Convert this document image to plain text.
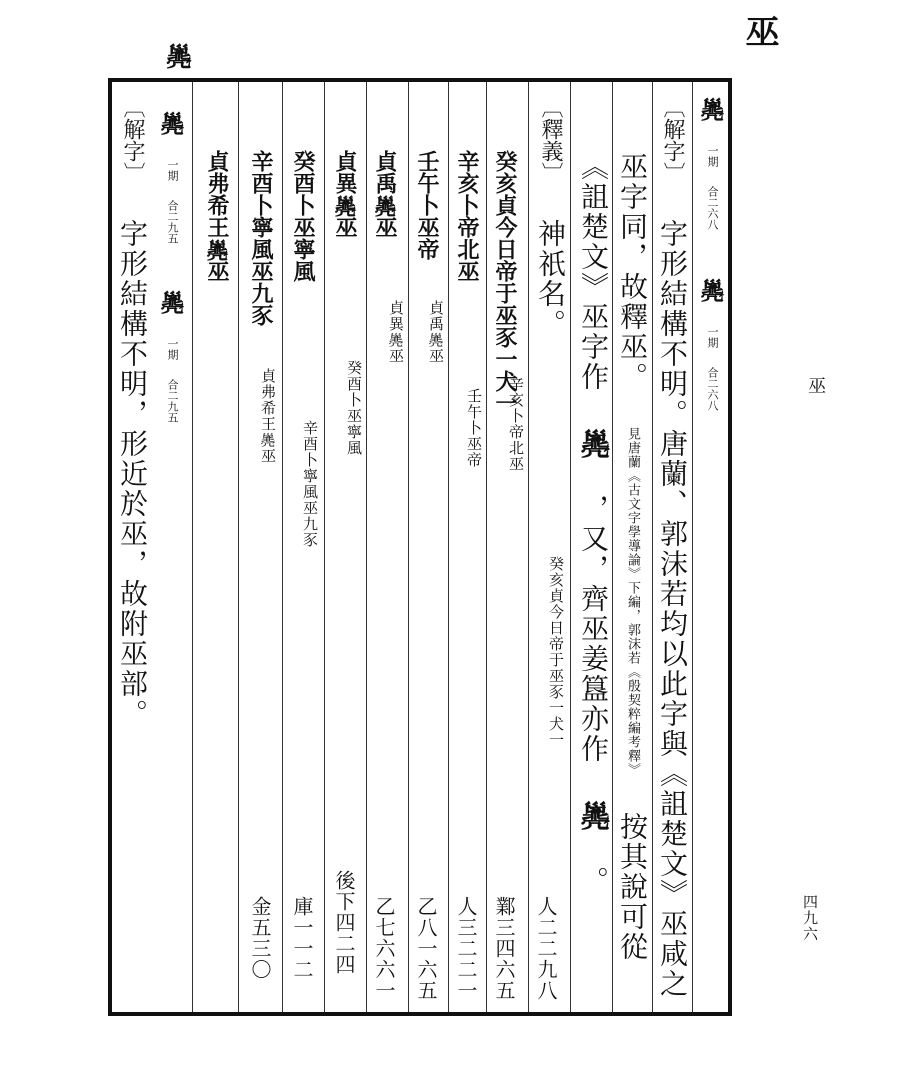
巫
𢀈
巫
四九六
𢀈 一期 合二六八 𢀈 一期 合二六八
〔解字〕 字形結構不明。唐蘭、郭沫若均以此字與《詛楚文》巫咸之
巫字同，故釋巫。 見唐蘭《古文字學導論》下編，郭沫若《殷契粹編考釋》 按其說可從
《詛楚文》巫字作 𢀈 ，又，齊巫姜簋亦作 𢀈 。
〔釋義〕 神祇名。
癸亥貞今日帝于巫豕一犬一
癸亥貞今日帝于巫豕一犬一
人二二九八
辛亥卜帝北巫
辛亥卜帝北巫
鄴三四六五
壬午卜巫帝
壬午卜巫帝
人三二二一
貞禹𢀈巫
貞禹𢀈巫
乙八一六五
貞異𢀈巫
貞異𢀈巫
乙七六六一
癸酉卜巫寧風
癸酉卜巫寧風
後下四二四
辛酉卜寧風巫九豕
辛酉卜寧風巫九豕
庫一一二
貞弗希王𢀈巫
貞弗希王𢀈巫
金五三〇
𢀈 一期 合二九五 𢀈 一期 合二九五
〔解字〕 字形結構不明，形近於巫，故附巫部。
